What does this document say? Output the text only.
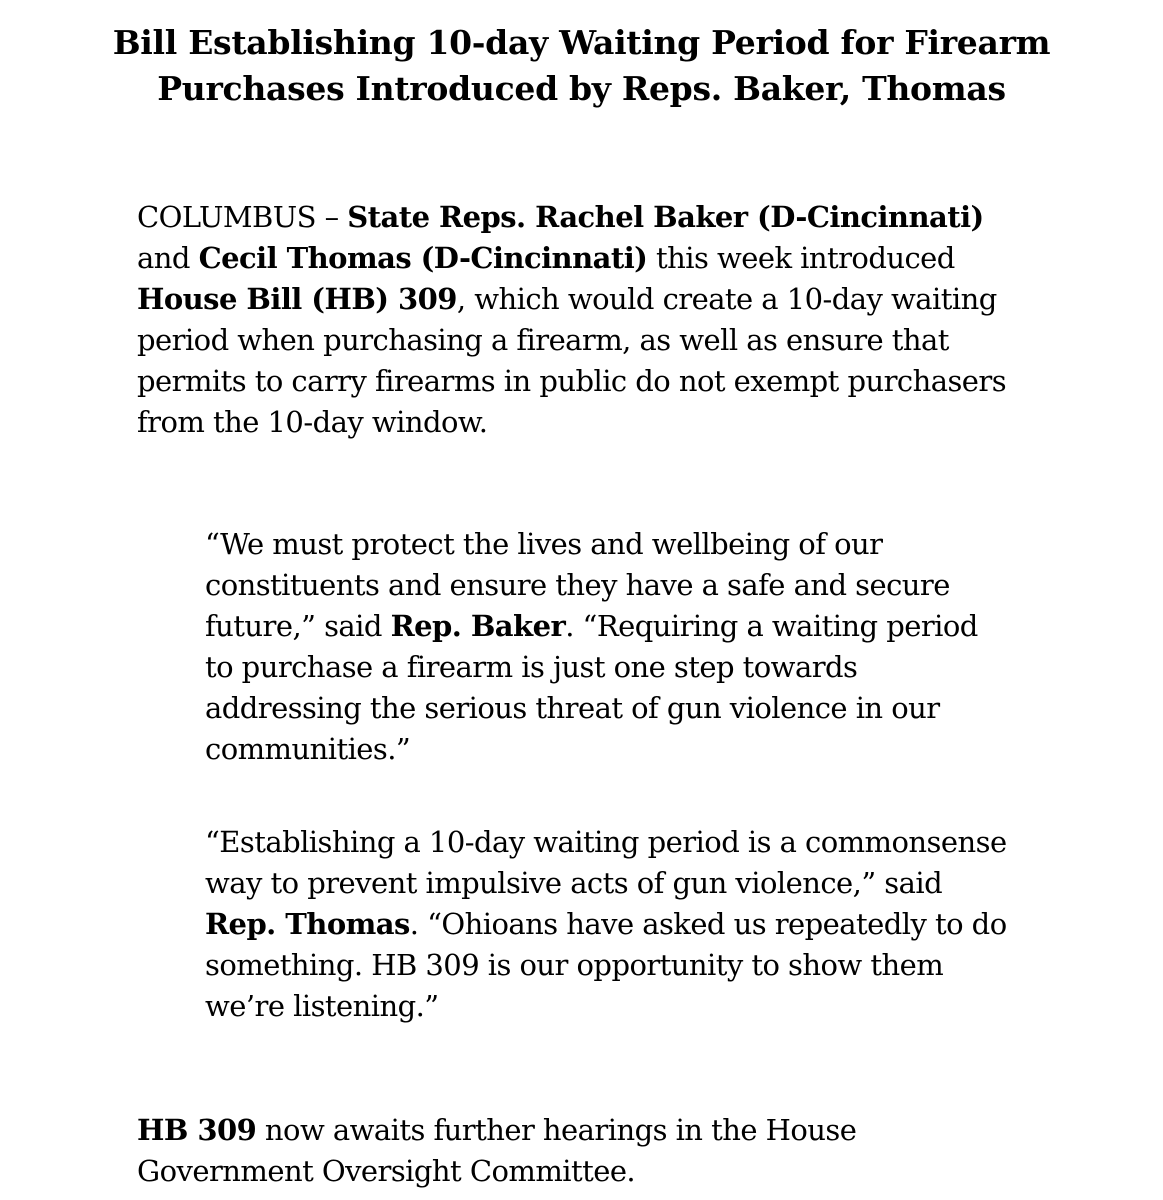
Bill Establishing 10-day Waiting Period for Firearm Purchases Introduced by Reps. Baker, Thomas

COLUMBUS – State Reps. Rachel Baker (D-Cincinnati) and Cecil Thomas (D-Cincinnati) this week introduced House Bill (HB) 309, which would create a 10-day waiting period when purchasing a firearm, as well as ensure that permits to carry firearms in public do not exempt purchasers from the 10-day window.

“We must protect the lives and wellbeing of our constituents and ensure they have a safe and secure future,” said Rep. Baker. “Requiring a waiting period to purchase a firearm is just one step towards addressing the serious threat of gun violence in our communities.”

“Establishing a 10-day waiting period is a commonsense way to prevent impulsive acts of gun violence,” said Rep. Thomas. “Ohioans have asked us repeatedly to do something. HB 309 is our opportunity to show them we’re listening.”

HB 309 now awaits further hearings in the House Government Oversight Committee.
